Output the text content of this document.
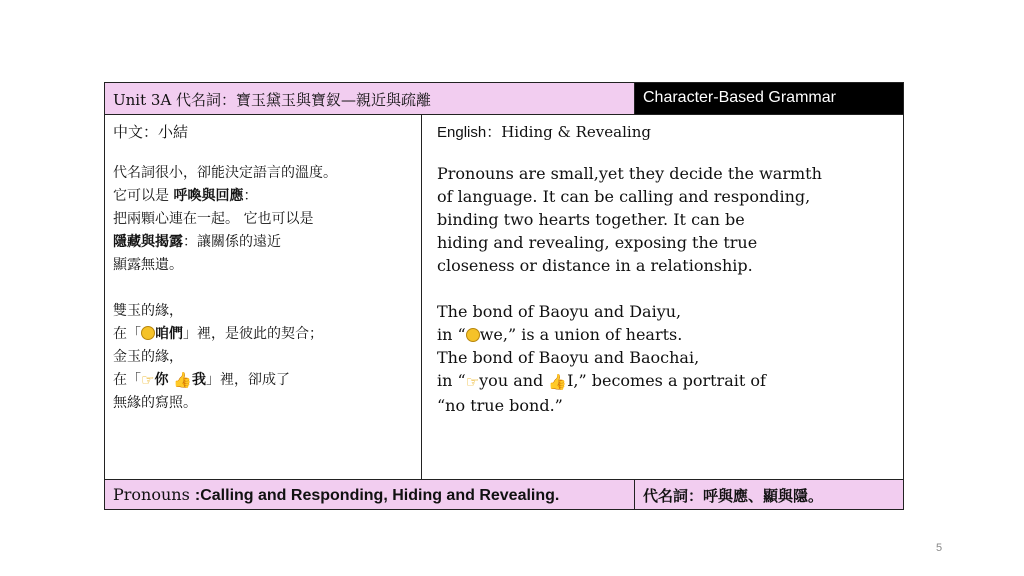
Unit 3A 代名詞：寶玉黛玉與寶釵—親近與疏離	Character-Based Grammar
中文：小結

代名詞很小，卻能決定語言的溫度。

它可以是 呼喚與回應：

把兩顆心連在一起。 它也可以是

隱藏與揭露：讓關係的遠近

顯露無遺。

雙玉的緣，

在「 咱們」裡，是彼此的契合；

金玉的緣，

在「☞你 👍我」裡，卻成了

無緣的寫照。

English：Hiding & Revealing

Pronouns are small,yet they decide the warmth

of language. It can be calling and responding,

binding two hearts together. It can be

hiding and revealing, exposing the true

closeness or distance in a relationship.

The bond of Baoyu and Daiyu,

in “ we,” is a union of hearts.

The bond of Baoyu and Baochai,

in “☞you and 👍I,” becomes a portrait of

“no true bond.”

Pronouns :Calling and Responding, Hiding and Revealing.	代名詞：呼與應、顯與隱。
5
